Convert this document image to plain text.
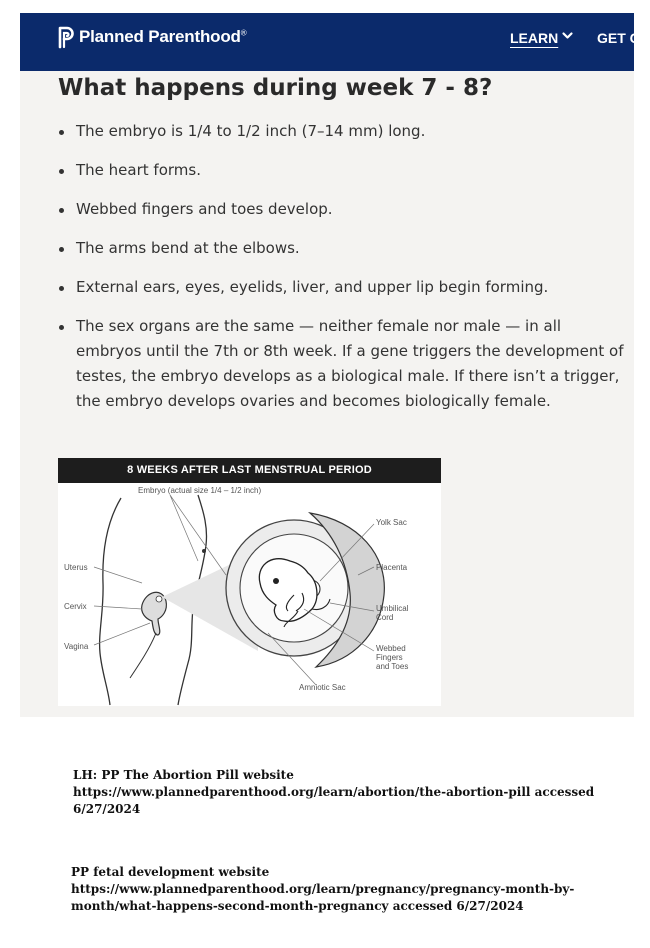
Planned Parenthood®	LEARN	GET C
What happens during week 7 - 8?
The embryo is 1/4 to 1/2 inch (7–14 mm) long.
The heart forms.
Webbed fingers and toes develop.
The arms bend at the elbows.
External ears, eyes, eyelids, liver, and upper lip begin forming.
The sex organs are the same — neither female nor male — in all embryos until the 7th or 8th week. If a gene triggers the development of testes, the embryo develops as a biological male. If there isn’t a trigger, the embryo develops ovaries and becomes biologically female.
8 WEEKS AFTER LAST MENSTRUAL PERIOD
Embryo (actual size 1/4 – 1/2 inch)
Uterus
Cervix
Vagina
Yolk Sac
Placenta
Umbilical
Cord
Webbed
Fingers
and Toes
Amniotic Sac
LH: PP The Abortion Pill website
https://www.plannedparenthood.org/learn/abortion/the-abortion-pill accessed
6/27/2024
PP fetal development website
https://www.plannedparenthood.org/learn/pregnancy/pregnancy-month-by-
month/what-happens-second-month-pregnancy accessed 6/27/2024
